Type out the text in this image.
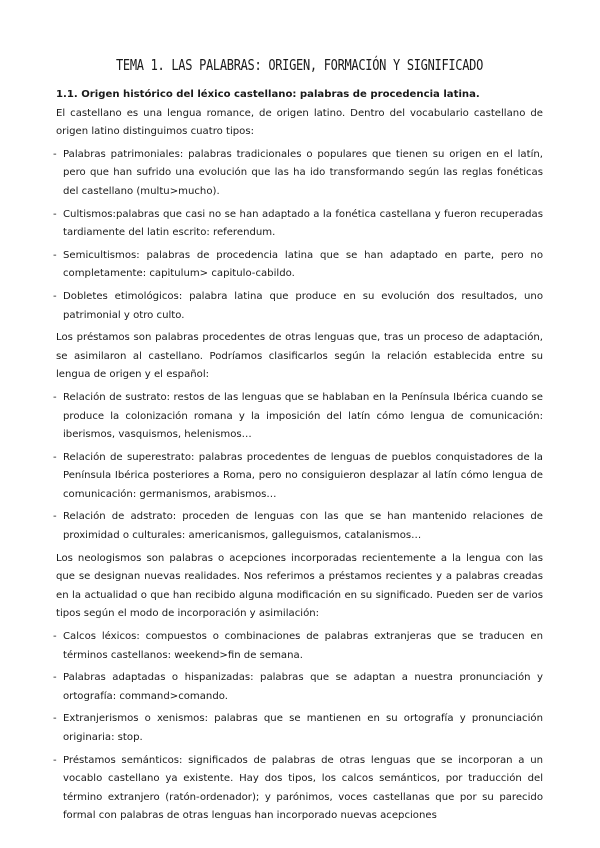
TEMA 1. LAS PALABRAS: ORIGEN, FORMACIÓN Y SIGNIFICADO
1.1. Origen histórico del léxico castellano: palabras de procedencia latina.

El castellano es una lengua romance, de origen latino. Dentro del vocabulario castellano de origen latino distinguimos cuatro tipos:

- Palabras patrimoniales: palabras tradicionales o populares que tienen su origen en el latín, pero que han sufrido una evolución que las ha ido transformando según las reglas fonéticas del castellano (multu>mucho).
- Cultismos:palabras que casi no se han adaptado a la fonética castellana y fueron recuperadas tardiamente del latin escrito: referendum.
- Semicultismos: palabras de procedencia latina que se han adaptado en parte, pero no completamente: capitulum> capitulo-cabildo.
- Dobletes etimológicos: palabra latina que produce en su evolución dos resultados, uno patrimonial y otro culto.

Los préstamos son palabras procedentes de otras lenguas que, tras un proceso de adaptación, se asimilaron al castellano. Podríamos clasificarlos según la relación establecida entre su lengua de origen y el español:

- Relación de sustrato: restos de las lenguas que se hablaban en la Península Ibérica cuando se produce la colonización romana y la imposición del latín cómo lengua de comunicación: iberismos, vasquismos, helenismos…
- Relación de superestrato: palabras procedentes de lenguas de pueblos conquistadores de la Península Ibérica posteriores a Roma, pero no consiguieron desplazar al latín cómo lengua de comunicación: germanismos, arabismos…
- Relación de adstrato: proceden de lenguas con las que se han mantenido relaciones de proximidad o culturales: americanismos, galleguismos, catalanismos…

Los neologismos son palabras o acepciones incorporadas recientemente a la lengua con las que se designan nuevas realidades. Nos referimos a préstamos recientes y a palabras creadas en la actualidad o que han recibido alguna modificación en su significado. Pueden ser de varios tipos según el modo de incorporación y asimilación:

- Calcos léxicos: compuestos o combinaciones de palabras extranjeras que se traducen en términos castellanos: weekend>fin de semana.
- Palabras adaptadas o hispanizadas: palabras que se adaptan a nuestra pronunciación y ortografía: command>comando.
- Extranjerismos o xenismos: palabras que se mantienen en su ortografía y pronunciación originaria: stop.
- Préstamos semánticos: significados de palabras de otras lenguas que se incorporan a un vocablo castellano ya existente. Hay dos tipos, los calcos semánticos, por traducción del término extranjero (ratón-ordenador); y parónimos, voces castellanas que por su parecido formal con palabras de otras lenguas han incorporado nuevas acepciones
